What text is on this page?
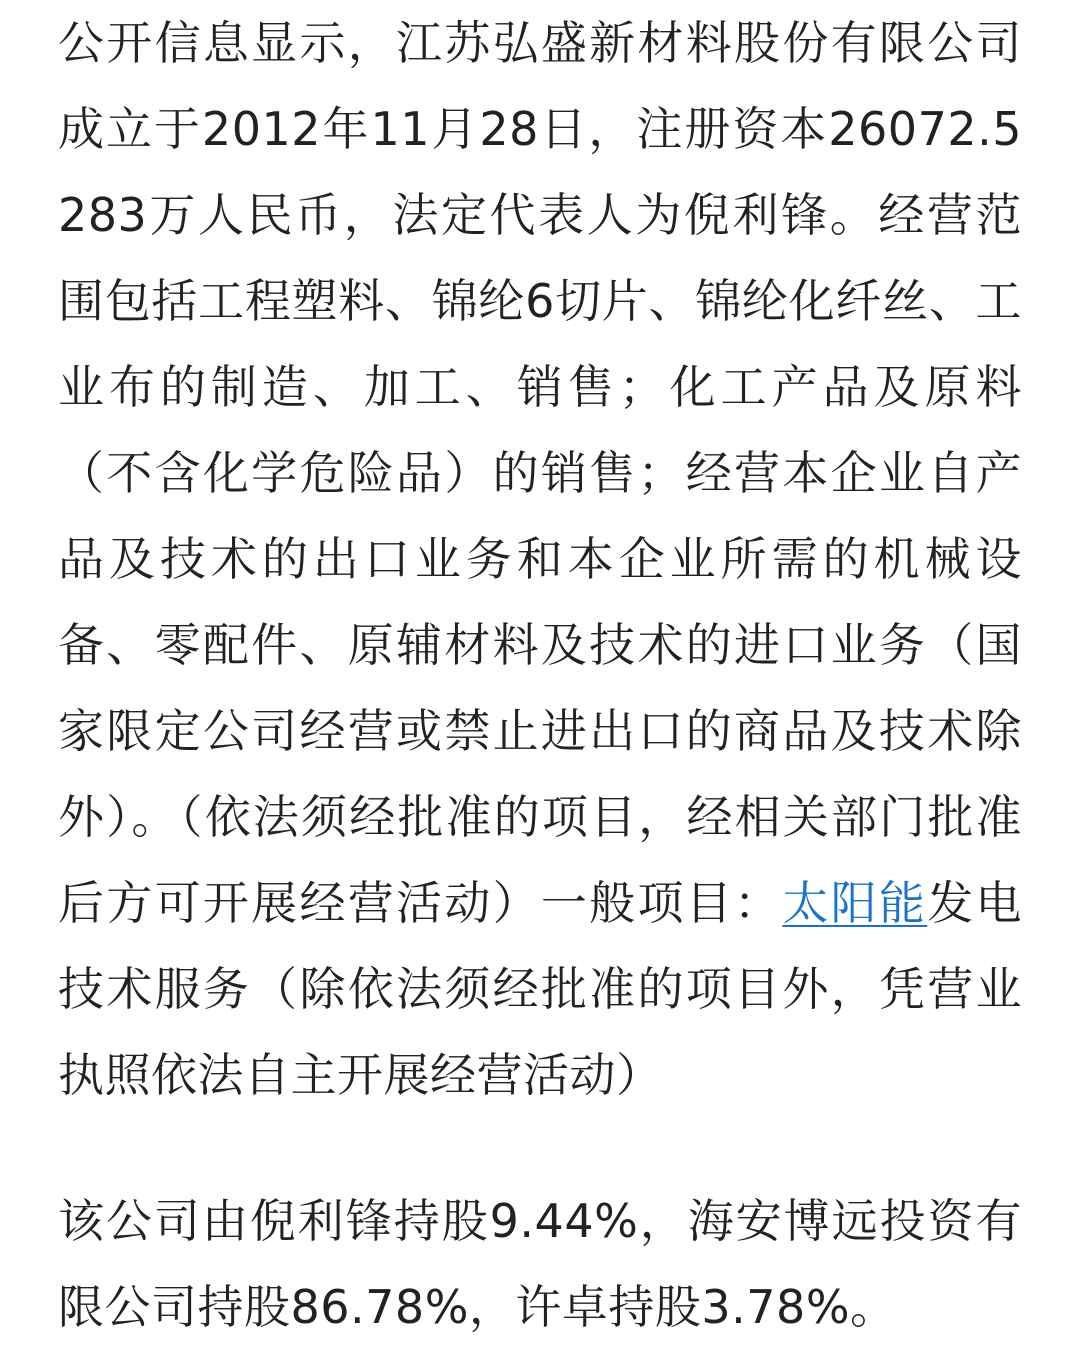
公开信息显示，江苏弘盛新材料股份有限公司成立于2012年11月28日，注册资本26072.5283万人民币，法定代表人为倪利锋。经营范围包括工程塑料、锦纶6切片、锦纶化纤丝、工业布的制造、加工、销售；化工产品及原料（不含化学危险品）的销售；经营本企业自产品及技术的出口业务和本企业所需的机械设备、零配件、原辅材料及技术的进口业务（国家限定公司经营或禁止进出口的商品及技术除外）。（依法须经批准的项目，经相关部门批准后方可开展经营活动）一般项目：太阳能发电技术服务（除依法须经批准的项目外，凭营业执照依法自主开展经营活动）

该公司由倪利锋持股9.44%，海安博远投资有限公司持股86.78%，许卓持股3.78%。
